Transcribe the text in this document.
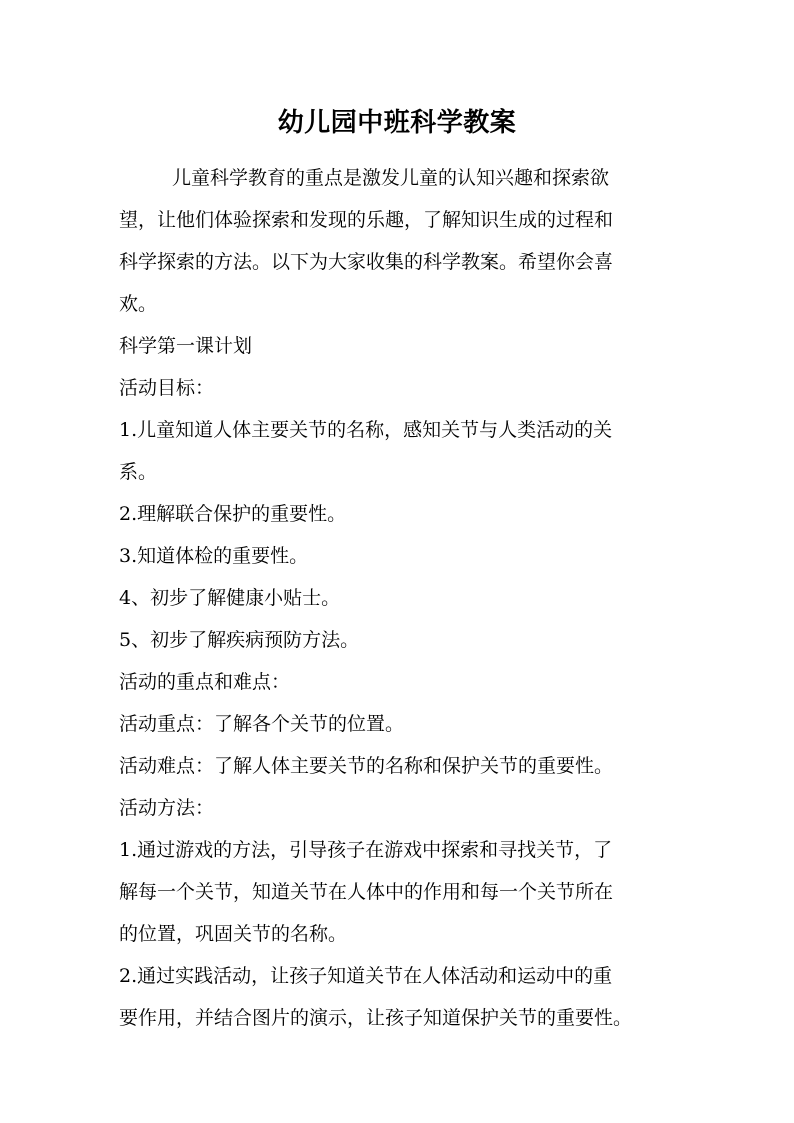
幼儿园中班科学教案
儿童科学教育的重点是激发儿童的认知兴趣和探索欲
望，让他们体验探索和发现的乐趣，了解知识生成的过程和
科学探索的方法。以下为大家收集的科学教案。希望你会喜
欢。
科学第一课计划
活动目标：
1.儿童知道人体主要关节的名称，感知关节与人类活动的关
系。
2.理解联合保护的重要性。
3.知道体检的重要性。
4、初步了解健康小贴士。
5、初步了解疾病预防方法。
活动的重点和难点：
活动重点：了解各个关节的位置。
活动难点：了解人体主要关节的名称和保护关节的重要性。
活动方法：
1.通过游戏的方法，引导孩子在游戏中探索和寻找关节，了
解每一个关节，知道关节在人体中的作用和每一个关节所在
的位置，巩固关节的名称。
2.通过实践活动，让孩子知道关节在人体活动和运动中的重
要作用，并结合图片的演示，让孩子知道保护关节的重要性。
